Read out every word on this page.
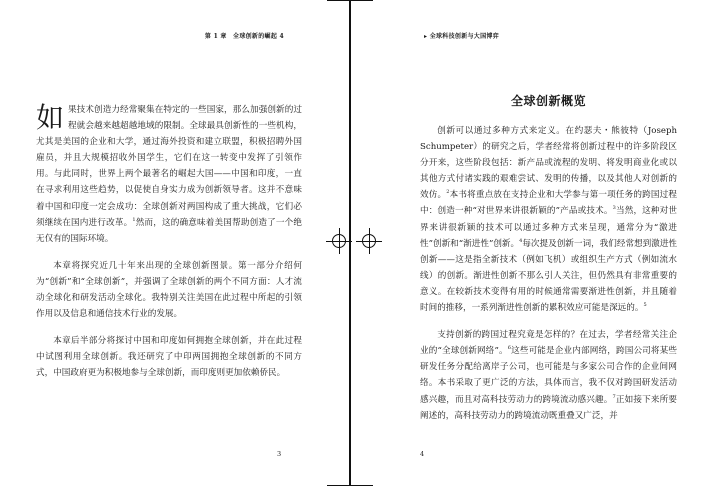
第 1 章　全球创新的崛起 4

如果技术创造力经常聚集在特定的一些国家，那么加强创新的过程就会越来越超越地域的限制。全球最具创新性的一些机构，尤其是美国的企业和大学，通过海外投资和建立联盟，积极招聘外国雇员，并且大规模招收外国学生，它们在这一转变中发挥了引领作用。与此同时，世界上两个最著名的崛起大国——中国和印度，一直在寻求利用这些趋势，以促使自身实力成为创新领导者。这并不意味着中国和印度一定会成功：全球创新对两国构成了重大挑战，它们必须继续在国内进行改革。$^1$然而，这的确意味着美国帮助创造了一个绝无仅有的国际环境。

本章将探究近几十年来出现的全球创新图景。第一部分介绍何为“创新”和“全球创新”，并强调了全球创新的两个不同方面：人才流动全球化和研发活动全球化。我特别关注美国在此过程中所起的引领作用以及信息和通信技术行业的发展。

本章后半部分将探讨中国和印度如何拥抱全球创新，并在此过程中试图利用全球创新。我还研究了中印两国拥抱全球创新的不同方式，中国政府更为积极地参与全球创新，而印度则更加依赖侨民。

3
▸ 全球科技创新与大国博弈
全球创新概览

创新可以通过多种方式来定义。在约瑟夫・熊彼特（Joseph Schumpeter）的研究之后，学者经常将创新过程中的许多阶段区分开来，这些阶段包括：新产品或流程的发明、将发明商业化或以其他方式付诸实践的艰难尝试、发明的传播，以及其他人对创新的效仿。$^2$本书将重点放在支持企业和大学参与第一项任务的跨国过程中：创造一种“对世界来讲很新颖的”产品或技术。$^3$当然，这种对世界来讲很新颖的技术可以通过多种方式来呈现，通常分为“激进性”创新和“渐进性”创新。$^4$每次提及创新一词，我们经常想到激进性创新——这是指全新技术（例如飞机）或组织生产方式（例如流水线）的创新。渐进性创新不那么引人关注，但仍然具有非常重要的意义。在较新技术变得有用的时候通常需要渐进性创新，并且随着时间的推移，一系列渐进性创新的累积效应可能是深远的。$^5$

支持创新的跨国过程究竟是怎样的？在过去，学者经常关注企业的“全球创新网络”。$^6$这些可能是企业内部网络，跨国公司将某些研发任务分配给离岸子公司，也可能是与多家公司合作的企业间网络。本书采取了更广泛的方法，具体而言，我不仅对跨国研发活动感兴趣，而且对高科技劳动力的跨境流动感兴趣。$^7$正如接下来所要阐述的，高科技劳动力的跨境流动既重叠又广泛，并

4
